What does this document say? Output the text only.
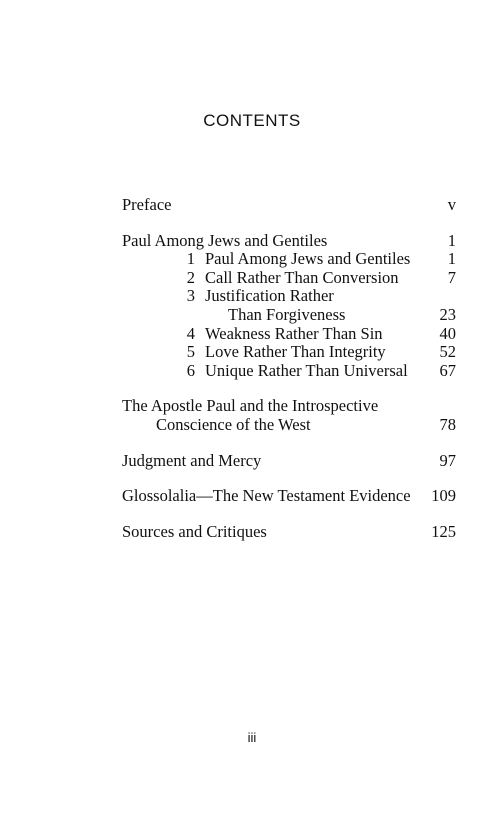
CONTENTS
Preface	v
Paul Among Jews and Gentiles	1
1 Paul Among Jews and Gentiles 1
2 Call Rather Than Conversion	7
3 Justification Rather
Than Forgiveness	23
4 Weakness Rather Than Sin	40
5 Love Rather Than Integrity	52
6 Unique Rather Than Universal 67
The Apostle Paul and the Introspective
Conscience of the West	78
Judgment and Mercy	97
Glossolalia—The New Testament Evidence 109
Sources and Critiques	125
iii
